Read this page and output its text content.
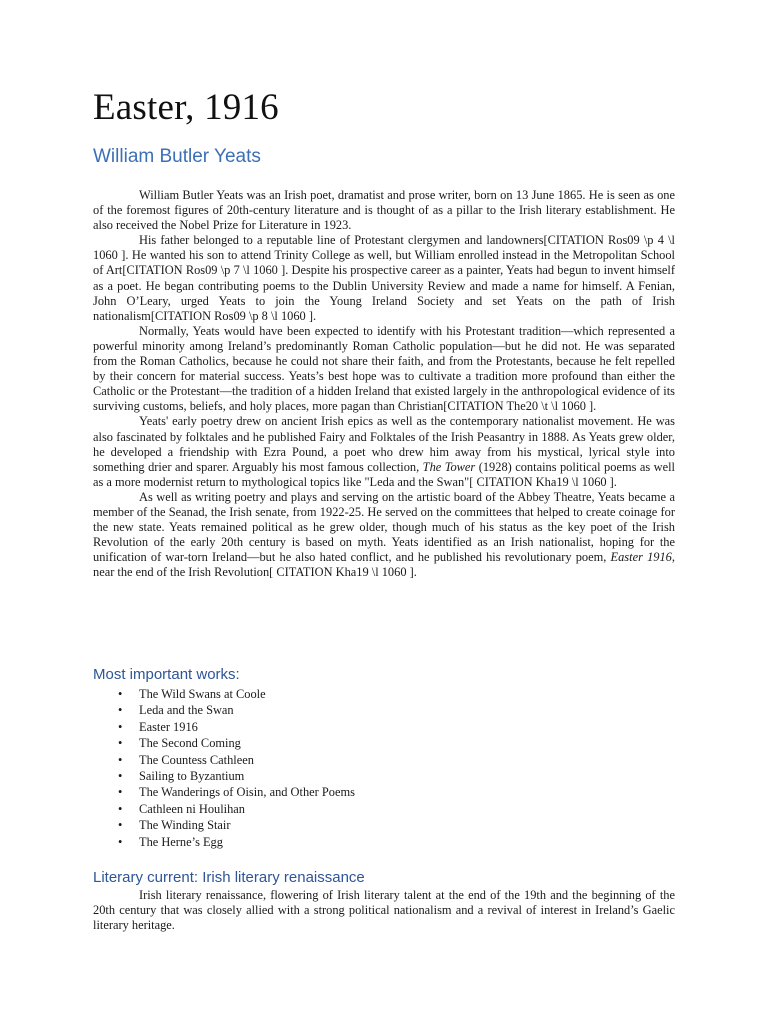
Easter, 1916
William Butler Yeats

William Butler Yeats was an Irish poet, dramatist and prose writer, born on 13 June 1865. He is seen as one of the foremost figures of 20th-century literature and is thought of as a pillar to the Irish literary establishment. He also received the Nobel Prize for Literature in 1923.

His father belonged to a reputable line of Protestant clergymen and landowners[CITATION Ros09 \p 4 \l 1060 ]. He wanted his son to attend Trinity College as well, but William enrolled instead in the Metropolitan School of Art[CITATION Ros09 \p 7 \l 1060 ]. Despite his prospective career as a painter, Yeats had begun to invent himself as a poet. He began contributing poems to the Dublin University Review and made a name for himself. A Fenian, John O’Leary, urged Yeats to join the Young Ireland Society and set Yeats on the path of Irish nationalism[CITATION Ros09 \p 8 \l 1060 ].

Normally, Yeats would have been expected to identify with his Protestant tradition—which represented a powerful minority among Ireland’s predominantly Roman Catholic population—but he did not. He was separated from the Roman Catholics, because he could not share their faith, and from the Protestants, because he felt repelled by their concern for material success. Yeats’s best hope was to cultivate a tradition more profound than either the Catholic or the Protestant—the tradition of a hidden Ireland that existed largely in the anthropological evidence of its surviving customs, beliefs, and holy places, more pagan than Christian[CITATION The20 \t \l 1060 ].

Yeats' early poetry drew on ancient Irish epics as well as the contemporary nationalist movement. He was also fascinated by folktales and he published Fairy and Folktales of the Irish Peasantry in 1888. As Yeats grew older, he developed a friendship with Ezra Pound, a poet who drew him away from his mystical, lyrical style into something drier and sparer. Arguably his most famous collection, The Tower (1928) contains political poems as well as a more modernist return to mythological topics like "Leda and the Swan"[ CITATION Kha19 \l 1060 ].

As well as writing poetry and plays and serving on the artistic board of the Abbey Theatre, Yeats became a member of the Seanad, the Irish senate, from 1922-25. He served on the committees that helped to create coinage for the new state. Yeats remained political as he grew older, though much of his status as the key poet of the Irish Revolution of the early 20th century is based on myth. Yeats identified as an Irish nationalist, hoping for the unification of war-torn Ireland—but he also hated conflict, and he published his revolutionary poem, Easter 1916, near the end of the Irish Revolution[ CITATION Kha19 \l 1060 ].

Most important works:
• The Wild Swans at Coole
• Leda and the Swan
• Easter 1916
• The Second Coming
• The Countess Cathleen
• Sailing to Byzantium
• The Wanderings of Oisin, and Other Poems
• Cathleen ni Houlihan
• The Winding Stair
• The Herne’s Egg
Literary current: Irish literary renaissance

Irish literary renaissance, flowering of Irish literary talent at the end of the 19th and the beginning of the 20th century that was closely allied with a strong political nationalism and a revival of interest in Ireland’s Gaelic literary heritage.
